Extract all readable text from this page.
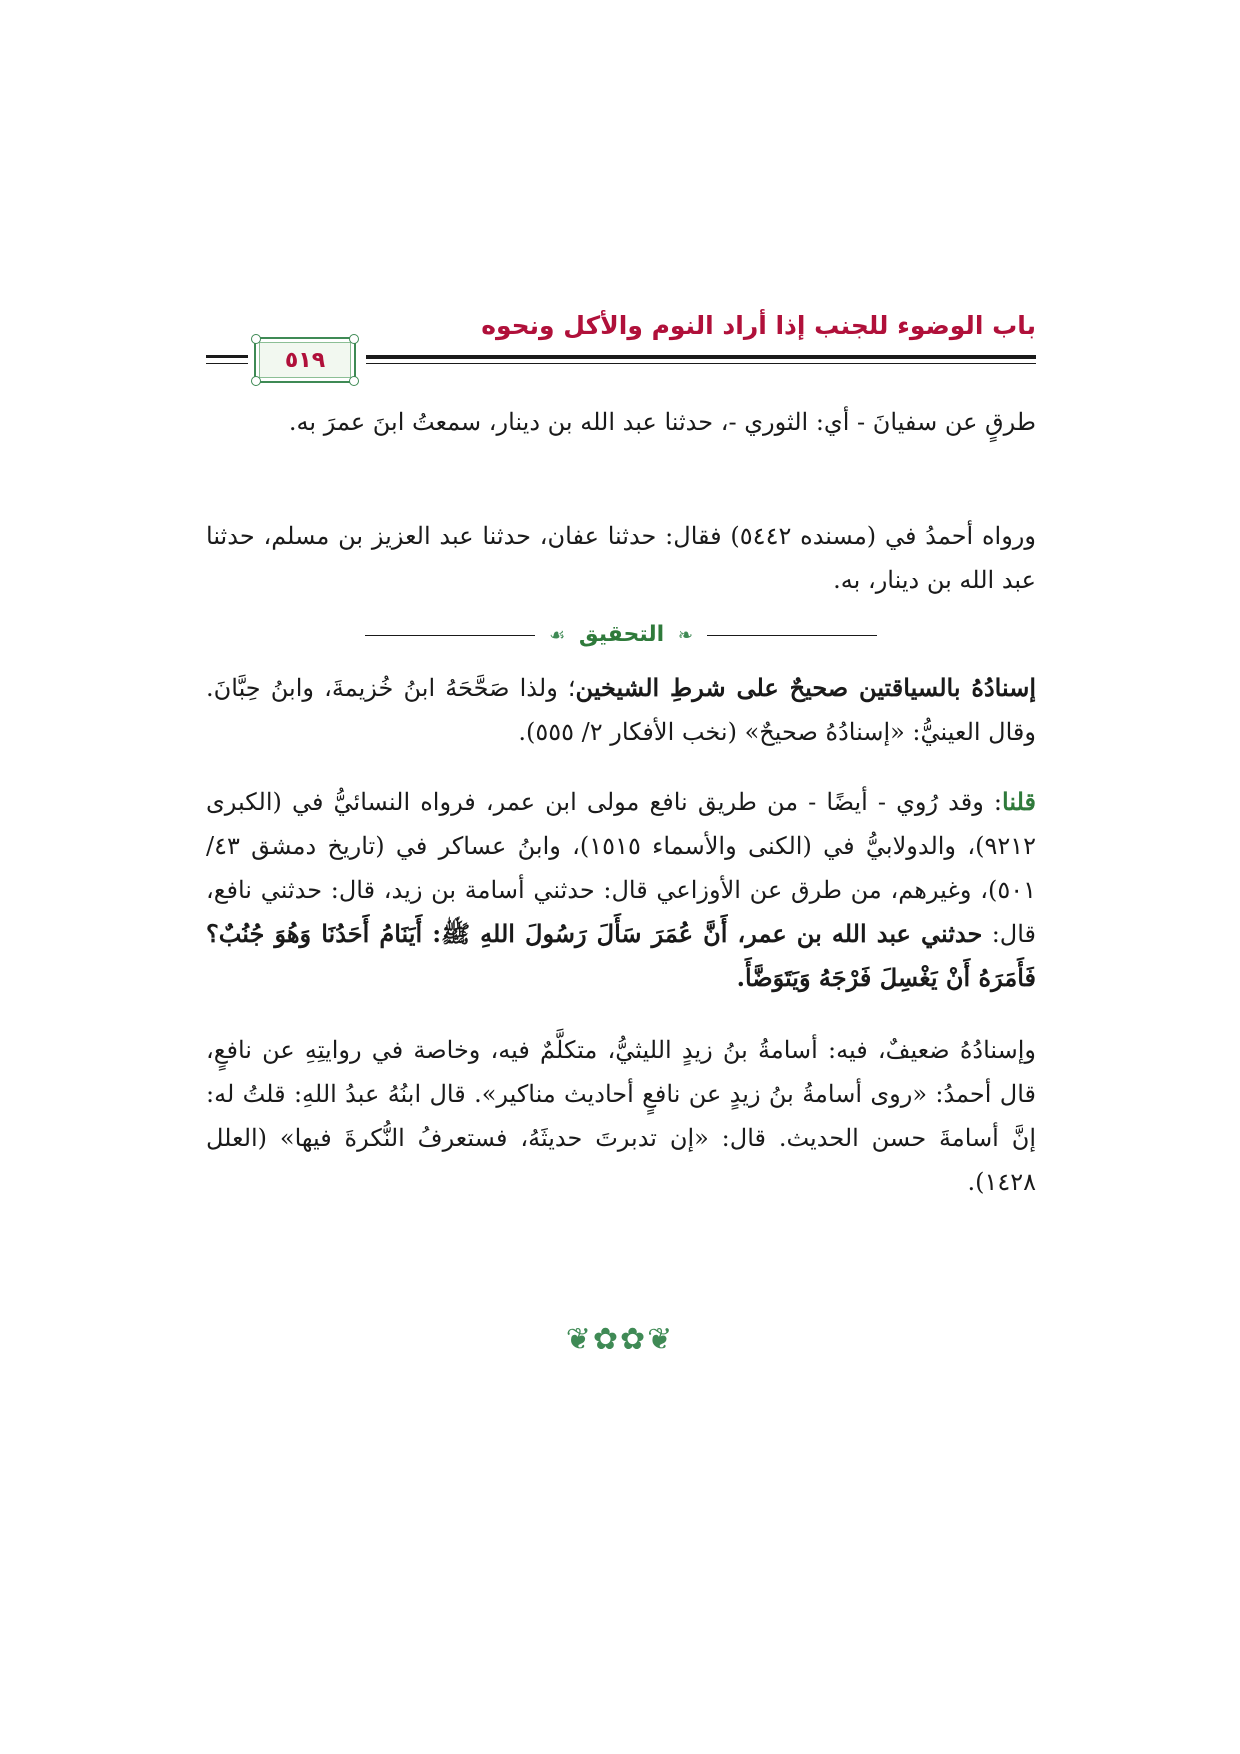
باب الوضوء للجنب إذا أراد النوم والأكل ونحوه
٥١٩

طرقٍ عن سفيانَ - أي: الثوري -، حدثنا عبد الله بن دينار، سمعتُ ابنَ عمرَ به.

ورواه أحمدُ في (مسنده ٥٤٤٢) فقال: حدثنا عفان، حدثنا عبد العزيز بن مسلم، حدثنا عبد الله بن دينار، به.

❧ التحقيق ☙

إسنادُهُ بالسياقتين صحيحٌ على شرطِ الشيخين؛ ولذا صَحَّحَهُ ابنُ خُزيمةَ، وابنُ حِبَّانَ. وقال العينيُّ: «إسنادُهُ صحيحٌ» (نخب الأفكار ٢/ ٥٥٥).

قلنا: وقد رُوي - أيضًا - من طريق نافع مولى ابن عمر، فرواه النسائيُّ في (الكبرى ٩٢١٢)، والدولابيُّ في (الكنى والأسماء ١٥١٥)، وابنُ عساكر في (تاريخ دمشق ٤٣/ ٥٠١)، وغيرهم، من طرق عن الأوزاعي قال: حدثني أسامة بن زيد، قال: حدثني نافع، قال: حدثني عبد الله بن عمر، أَنَّ عُمَرَ سَأَلَ رَسُولَ اللهِ ﷺ: أَيَنَامُ أَحَدُنَا وَهُوَ جُنُبٌ؟ فَأَمَرَهُ أَنْ يَغْسِلَ فَرْجَهُ وَيَتَوَضَّأَ.

وإسنادُهُ ضعيفٌ، فيه: أسامةُ بنُ زيدٍ الليثيُّ، متكلَّمٌ فيه، وخاصة في روايتِهِ عن نافعٍ، قال أحمدُ: «روى أسامةُ بنُ زيدٍ عن نافعٍ أحاديث مناكير». قال ابنُهُ عبدُ اللهِ: قلتُ له: إنَّ أسامةَ حسن الحديث. قال: «إن تدبرتَ حديثَهُ، فستعرفُ النُّكرةَ فيها» (العلل ١٤٢٨).

❦✿✿❦
